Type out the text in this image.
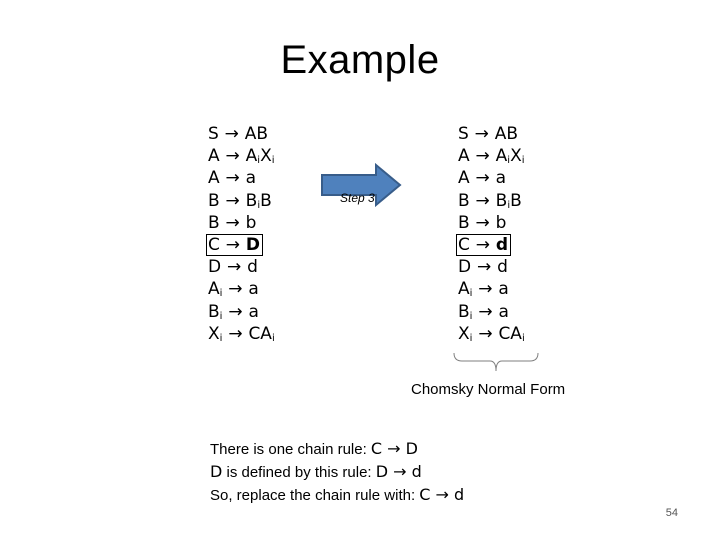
Example
S → AB
$A \to A_iX_i$
A → a
$B \to B_iB$
B → b
C → D
D → d
$A_i \to a$
$B_i \to a$
$X_i \to CA_i$
Step 3
S → AB
$A \to A_iX_i$
A → a
$B \to B_iB$
B → b
C → d
D → d
$A_i \to a$
$B_i \to a$
$X_i \to CA_i$
Chomsky Normal Form
There is one chain rule: C → D
D is defined by this rule: D → d
So, replace the chain rule with: C → d
54
